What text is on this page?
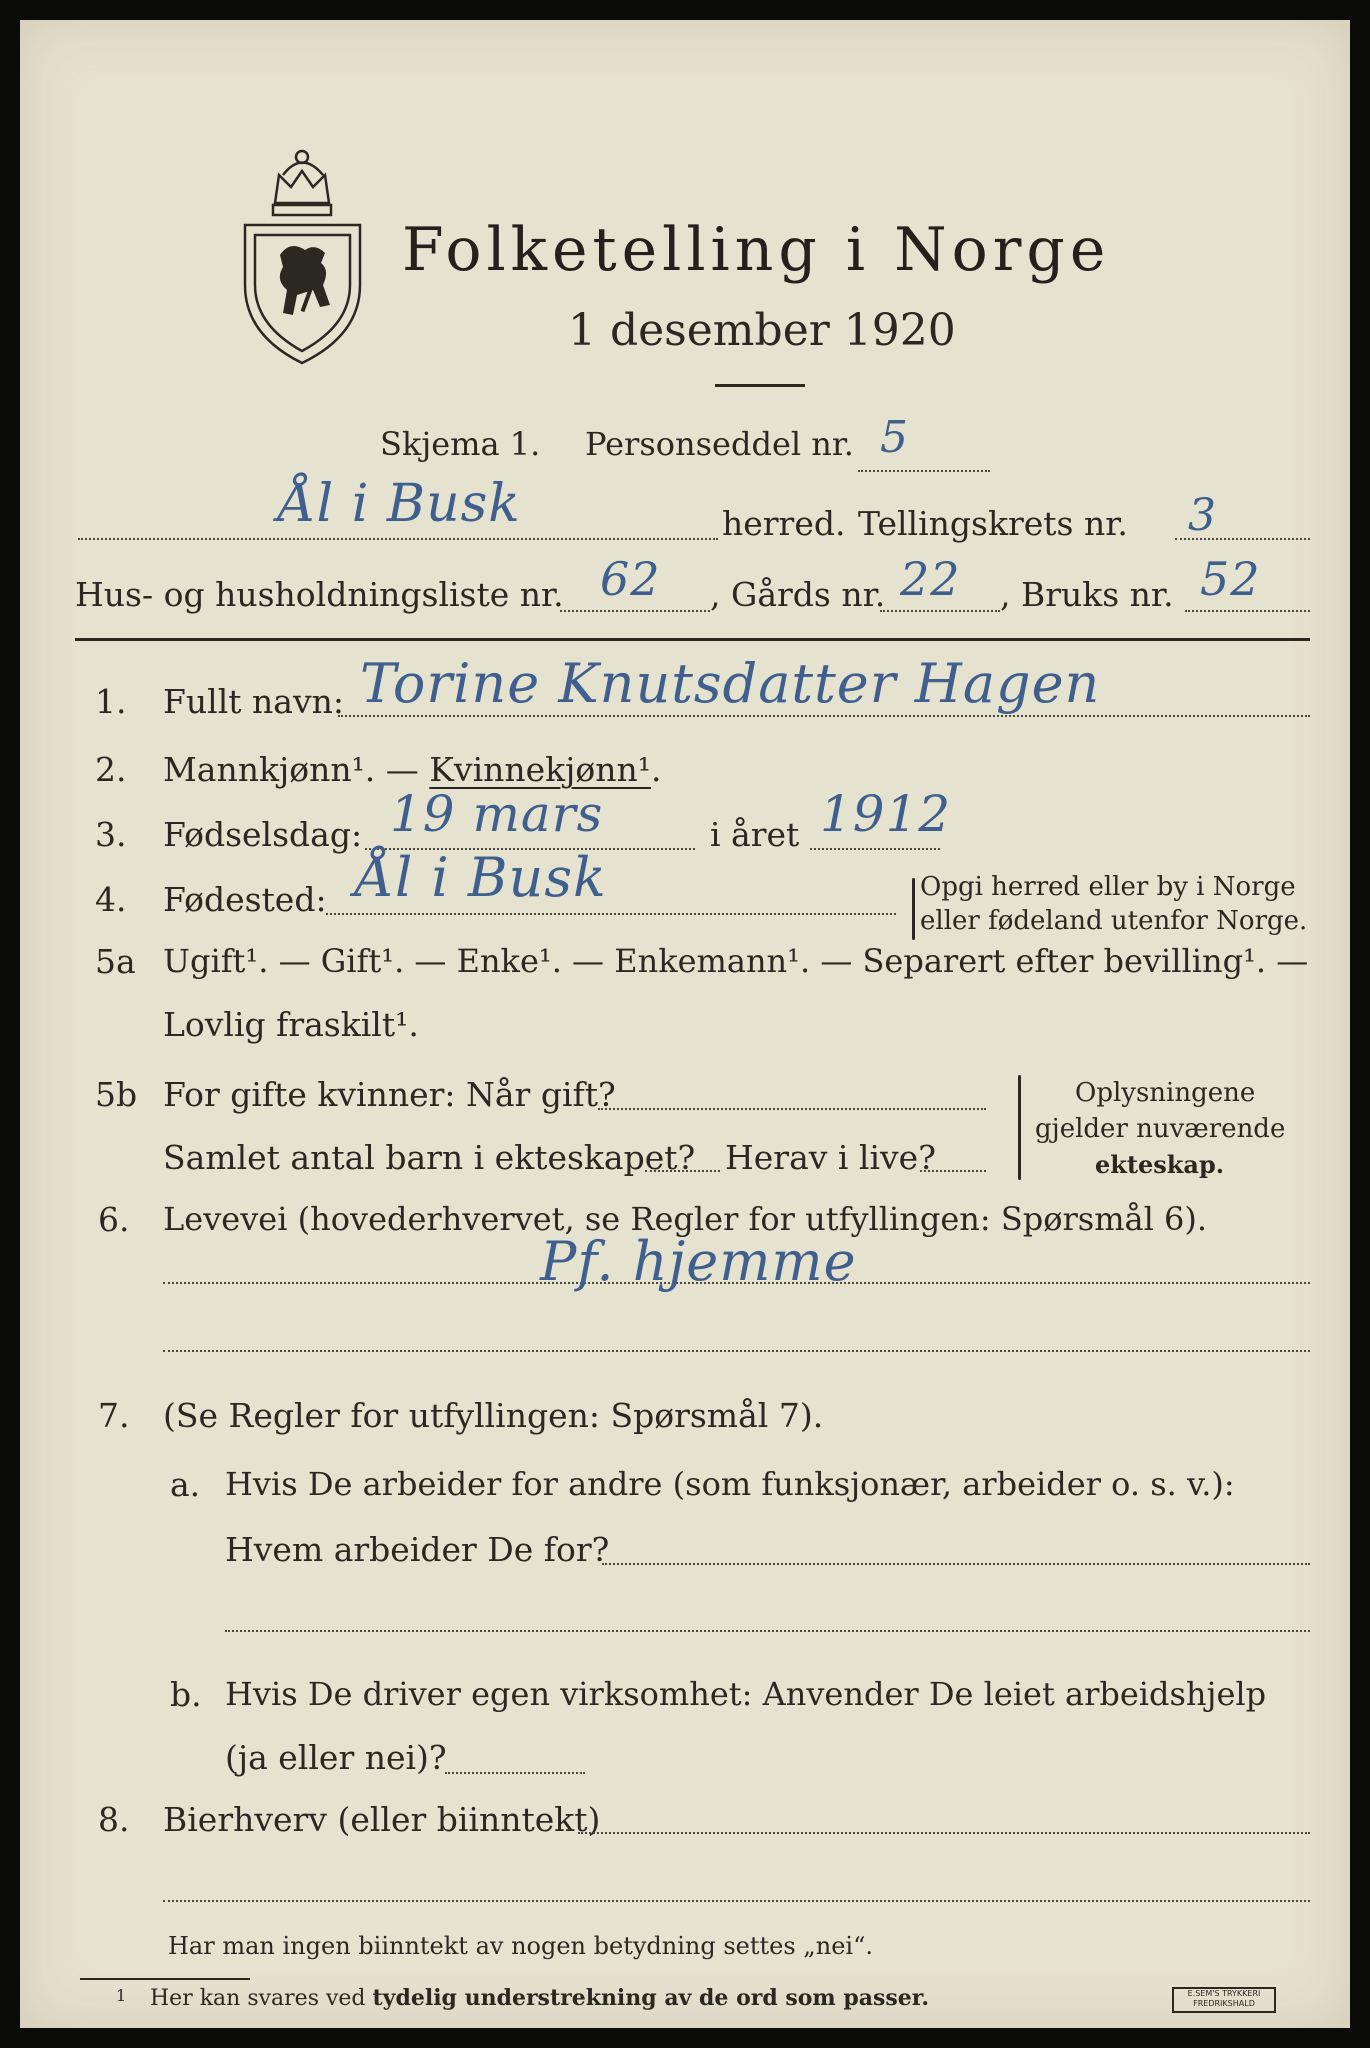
Folketelling i Norge
1 desember 1920
Skjema 1. Personseddel nr. 5
Ål i Busk	herred. Tellingskrets nr. 3
Hus- og husholdningsliste nr. 62 , Gårds nr. 22 , Bruks nr. 52
1. Fullt navn: Torine Knutsdatter Hagen
2. Mannkjønn¹. — Kvinnekjønn¹.
3. Fødselsdag: 19 mars	i året 1912
4. Fødested: Ål i Busk	Opgi herred eller by i Norge
eller fødeland utenfor Norge.
5a Ugift¹. — Gift¹. — Enke¹. — Enkemann¹. — Separert efter bevilling¹. —
Lovlig fraskilt¹.
5b For gifte kvinner: Når gift?
Samlet antal barn i ekteskapet? Herav i live?
Oplysningene
gjelder nuværende
ekteskap.
6. Levevei (hovederhvervet, se Regler for utfyllingen: Spørsmål 6).
Pf. hjemme
7. (Se Regler for utfyllingen: Spørsmål 7).
a. Hvis De arbeider for andre (som funksjonær, arbeider o. s. v.):
Hvem arbeider De for?
b. Hvis De driver egen virksomhet: Anvender De leiet arbeidshjelp
(ja eller nei)?
8. Bierhverv (eller biinntekt)
Har man ingen biinntekt av nogen betydning settes „nei“.
1 Her kan svares ved tydelig understrekning av de ord som passer.	E.SEM'S TRYKKERI
FREDRIKSHALD
